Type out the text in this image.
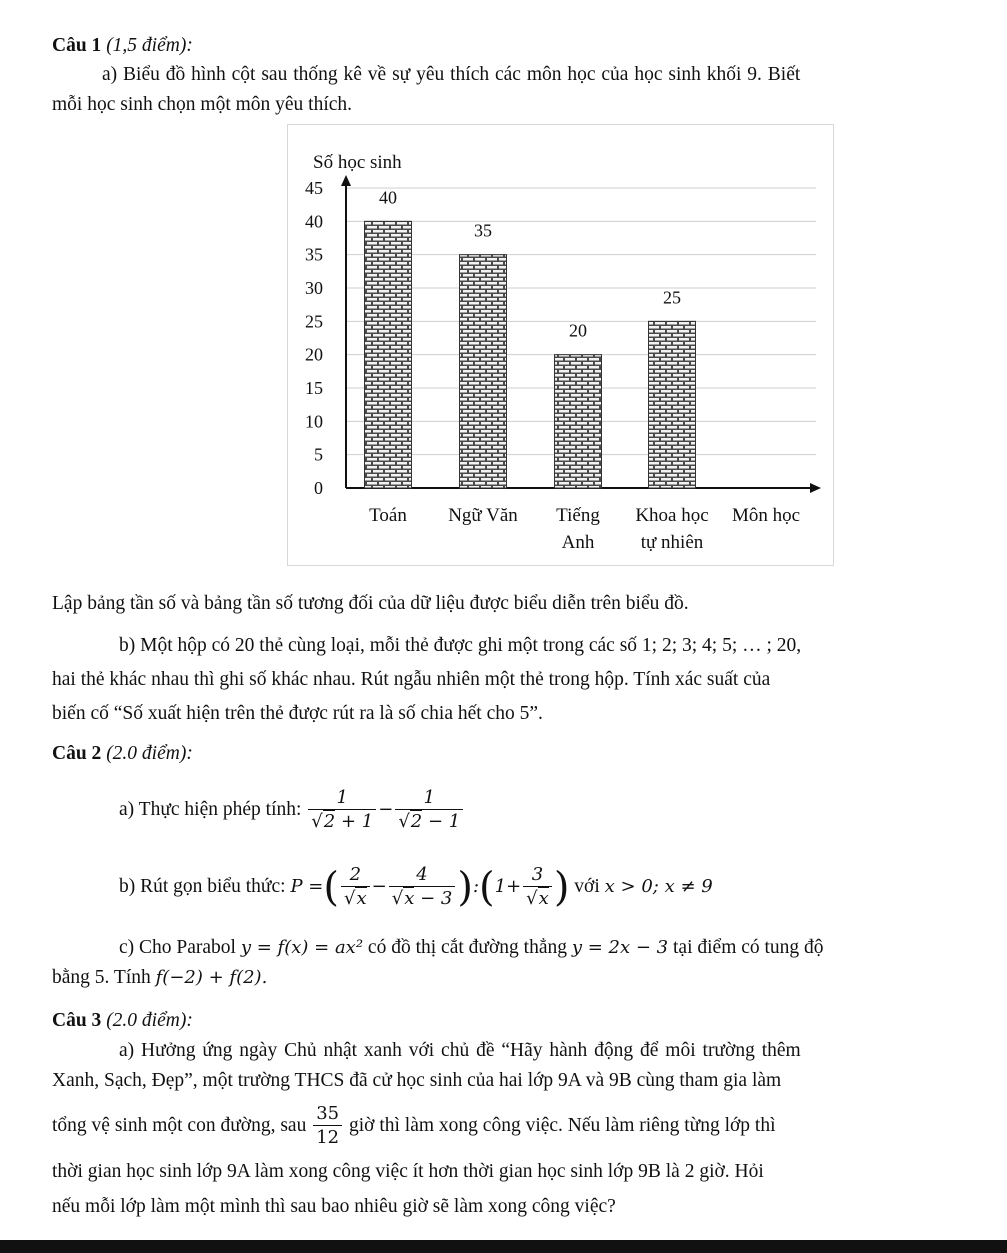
Câu 1 (1,5 điểm):
a) Biểu đồ hình cột sau thống kê về sự yêu thích các môn học của học sinh khối 9. Biết
mỗi học sinh chọn một môn yêu thích.
0
5
10
15
20
25
30
35
40
45
Số học sinh
Môn học
40
Toán
35
Ngữ Văn
20
Tiếng
Anh
25
Khoa học
tự nhiên
Lập bảng tần số và bảng tần số tương đối của dữ liệu được biểu diễn trên biểu đồ.
b) Một hộp có 20 thẻ cùng loại, mỗi thẻ được ghi một trong các số 1; 2; 3; 4; 5; … ; 20,
hai thẻ khác nhau thì ghi số khác nhau. Rút ngẫu nhiên một thẻ trong hộp. Tính xác suất của
biến cố “Số xuất hiện trên thẻ được rút ra là số chia hết cho 5”.
Câu 2 (2.0 điểm):
a) Thực hiện phép tính: $\frac{1}{√2 + 1} - \frac{1}{√2 - 1}$
b) Rút gọn biểu thức: P =( $\frac{2}{√x} - \frac{4}{√x - 3}$ ):(1+ $\frac{3}{√x}$ ) với x > 0; x ≠ 9
c) Cho Parabol y = f(x) = ax² có đồ thị cắt đường thẳng y = 2x − 3 tại điểm có tung độ
bằng 5. Tính f(−2) + f(2).
Câu 3 (2.0 điểm):
a) Hưởng ứng ngày Chủ nhật xanh với chủ đề “Hãy hành động để môi trường thêm
Xanh, Sạch, Đẹp”, một trường THCS đã cử học sinh của hai lớp 9A và 9B cùng tham gia làm
tổng vệ sinh một con đường, sau $\frac{35}{12}$ giờ thì làm xong công việc. Nếu làm riêng từng lớp thì
thời gian học sinh lớp 9A làm xong công việc ít hơn thời gian học sinh lớp 9B là 2 giờ. Hỏi
nếu mỗi lớp làm một mình thì sau bao nhiêu giờ sẽ làm xong công việc?
